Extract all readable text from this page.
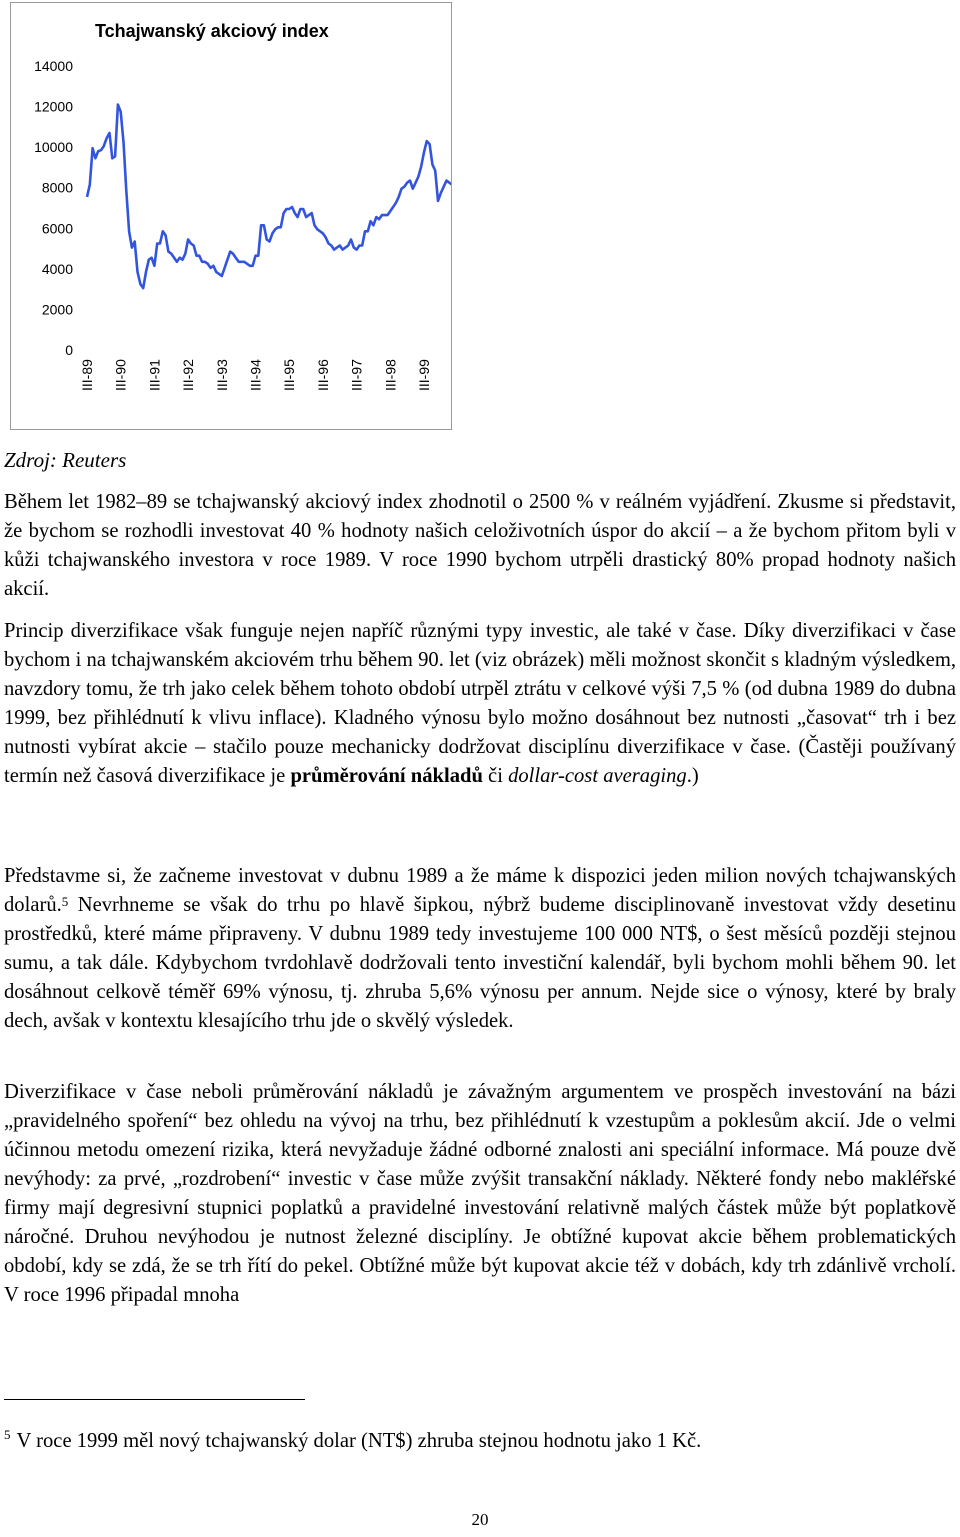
Tchajwanský akciový index
0
2000
4000
6000
8000
10000
12000
14000
III-89 III-90 III-91 III-92 III-93 III-94 III-95 III-96 III-97 III-98 III-99

Zdroj: Reuters

Během let 1982–89 se tchajwanský akciový index zhodnotil o 2500 % v reálném vyjádření. Zkusme si představit, že bychom se rozhodli investovat 40 % hodnoty našich celoživotních úspor do akcií – a že bychom přitom byli v kůži tchajwanského investora v roce 1989. V roce 1990 bychom utrpěli drastický 80% propad hodnoty našich akcií.

Princip diverzifikace však funguje nejen napříč různými typy investic, ale také v čase. Díky diverzifikaci v čase bychom i na tchajwanském akciovém trhu během 90. let (viz obrázek) měli možnost skončit s kladným výsledkem, navzdory tomu, že trh jako celek během tohoto období utrpěl ztrátu v celkové výši 7,5 % (od dubna 1989 do dubna 1999, bez přihlédnutí k vlivu inflace). Kladného výnosu bylo možno dosáhnout bez nutnosti „časovat“ trh i bez nutnosti vybírat akcie – stačilo pouze mechanicky dodržovat disciplínu diverzifikace v čase. (Častěji používaný termín než časová diverzifikace je průměrování nákladů či dollar-cost averaging.)

Představme si, že začneme investovat v dubnu 1989 a že máme k dispozici jeden milion nových tchajwanských dolarů.$^5$ Nevrhneme se však do trhu po hlavě šipkou, nýbrž budeme disciplinovaně investovat vždy desetinu prostředků, které máme připraveny. V dubnu 1989 tedy investujeme 100 000 NT$, o šest měsíců později stejnou sumu, a tak dále. Kdybychom tvrdohlavě dodržovali tento investiční kalendář, byli bychom mohli během 90. let dosáhnout celkově téměř 69% výnosu, tj. zhruba 5,6% výnosu per annum. Nejde sice o výnosy, které by braly dech, avšak v kontextu klesajícího trhu jde o skvělý výsledek.

Diverzifikace v čase neboli průměrování nákladů je závažným argumentem ve prospěch investování na bázi „pravidelného spoření“ bez ohledu na vývoj na trhu, bez přihlédnutí k vzestupům a poklesům akcií. Jde o velmi účinnou metodu omezení rizika, která nevyžaduje žádné odborné znalosti ani speciální informace. Má pouze dvě nevýhody: za prvé, „rozdrobení“ investic v čase může zvýšit transakční náklady. Některé fondy nebo makléřské firmy mají degresivní stupnici poplatků a pravidelné investování relativně malých částek může být poplatkově náročné. Druhou nevýhodou je nutnost železné disciplíny. Je obtížné kupovat akcie během problematických období, kdy se zdá, že se trh řítí do pekel. Obtížné může být kupovat akcie též v dobách, kdy trh zdánlivě vrcholí. V roce 1996 připadal mnoha

$^5$ V roce 1999 měl nový tchajwanský dolar (NT$) zhruba stejnou hodnotu jako 1 Kč.
20
